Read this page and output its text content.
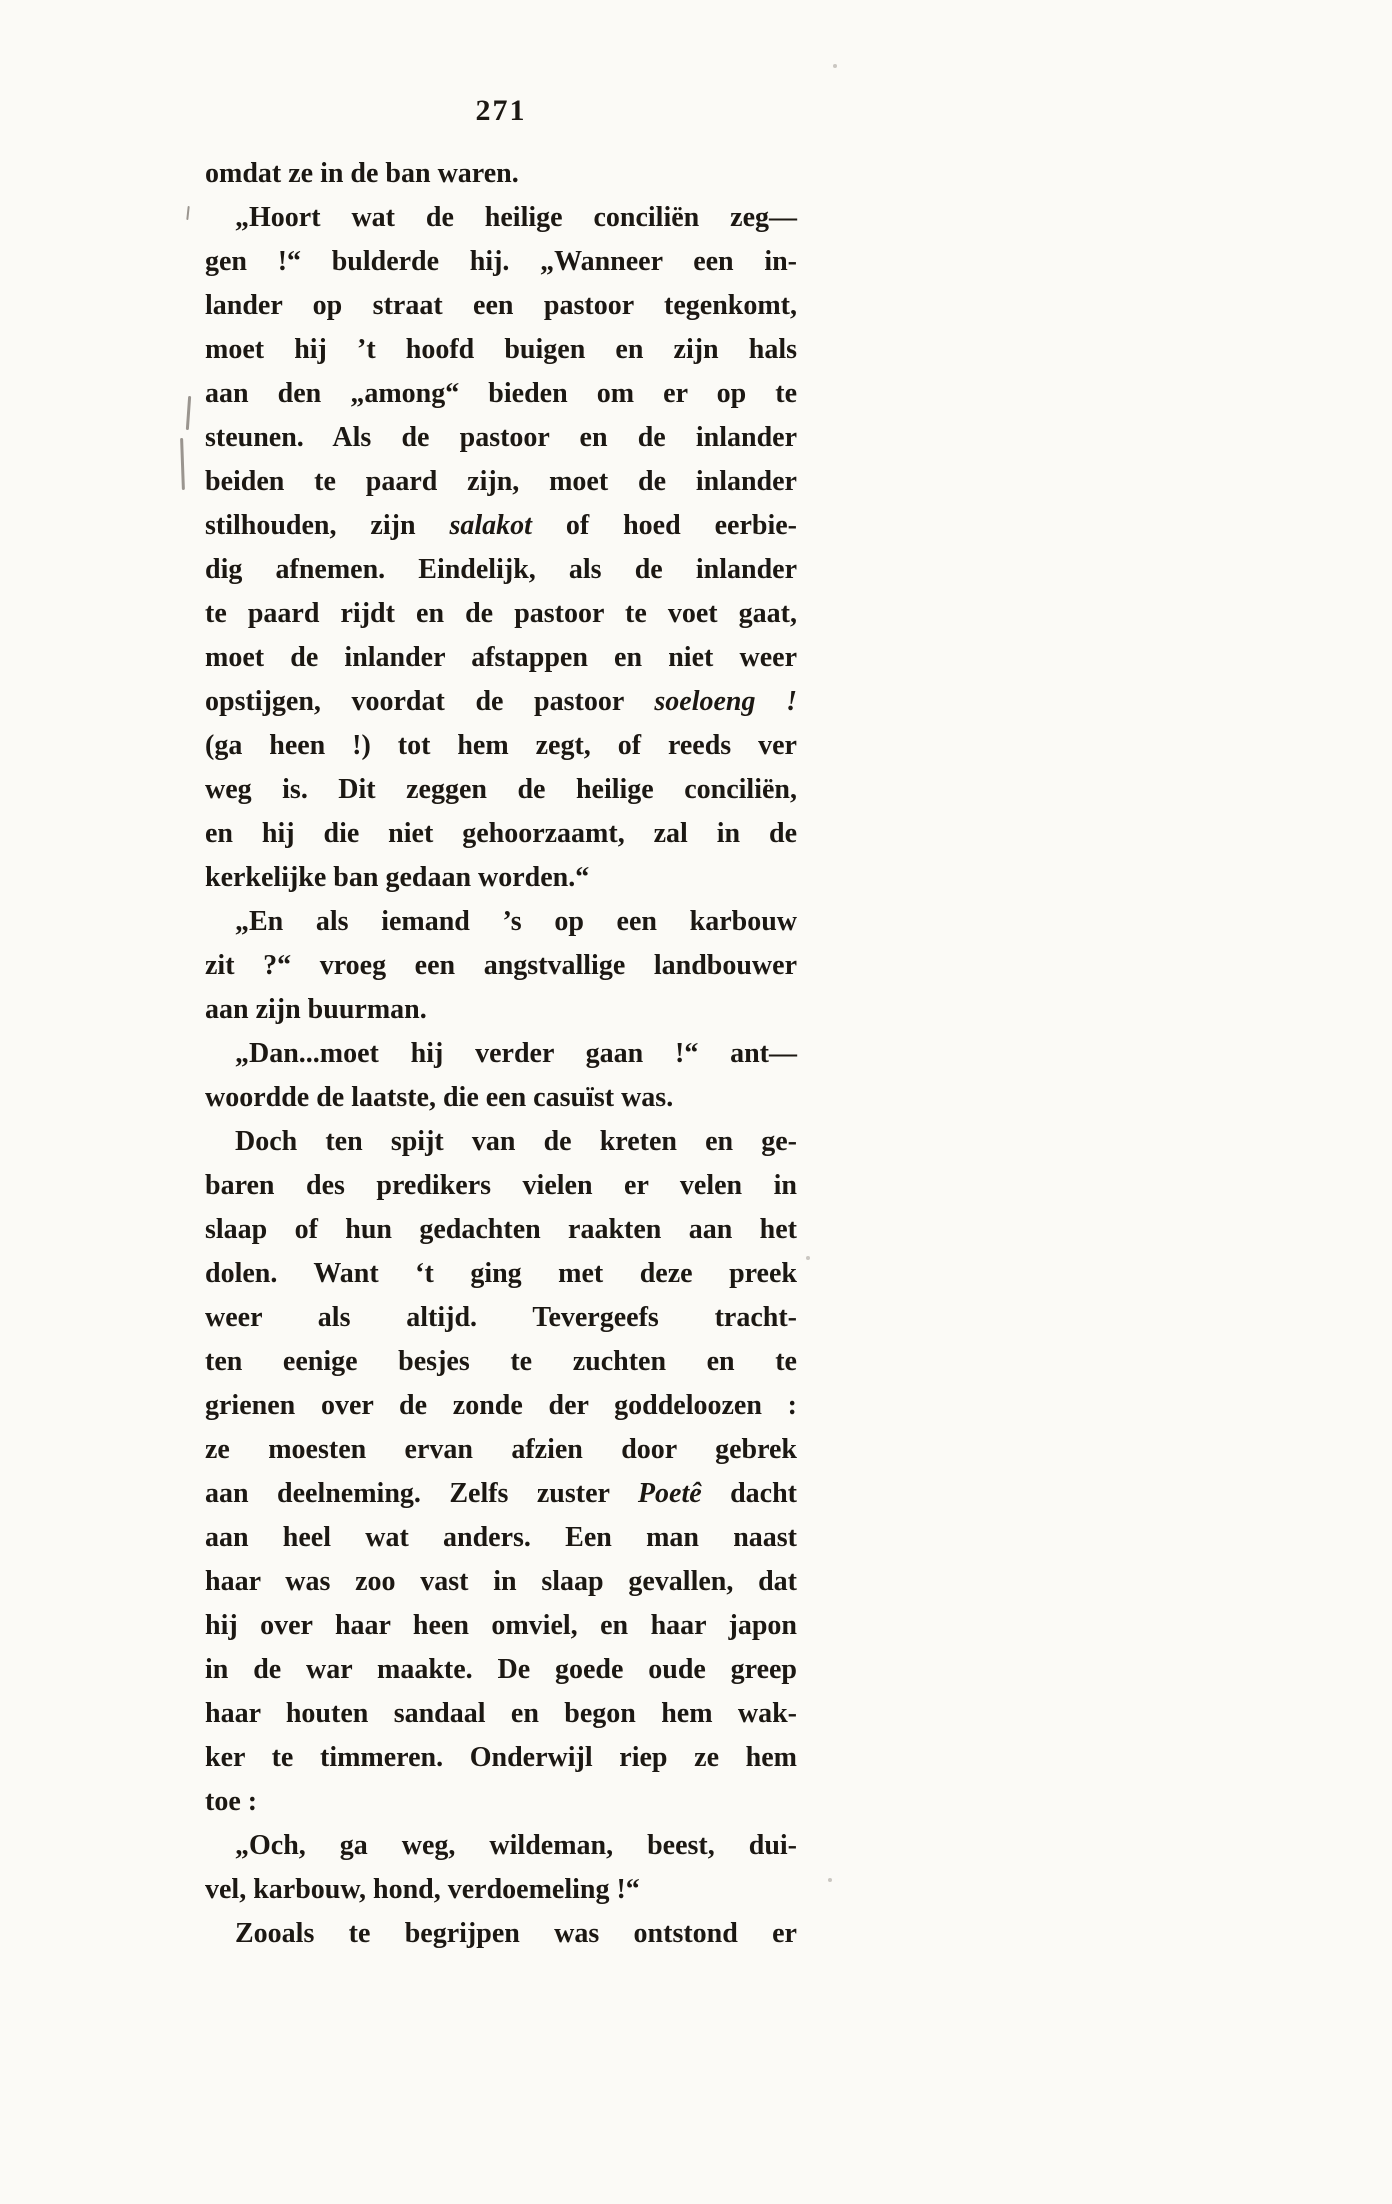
271
omdat ze in de ban waren.
„Hoort wat de heilige conciliën zeg—
gen !“ bulderde hij. „Wanneer een in-
lander op straat een pastoor tegenkomt,
moet hij ’t hoofd buigen en zijn hals
aan den „among“ bieden om er op te
steunen. Als de pastoor en de inlander
beiden te paard zijn, moet de inlander
stilhouden, zijn salakot of hoed eerbie-
dig afnemen. Eindelijk, als de inlander
te paard rijdt en de pastoor te voet gaat,
moet de inlander afstappen en niet weer
opstijgen, voordat de pastoor soeloeng !
(ga heen !) tot hem zegt, of reeds ver
weg is. Dit zeggen de heilige conciliën,
en hij die niet gehoorzaamt, zal in de
kerkelijke ban gedaan worden.“
„En als iemand ’s op een karbouw
zit ?“ vroeg een angstvallige landbouwer
aan zijn buurman.
„Dan...moet hij verder gaan !“ ant—
woordde de laatste, die een casuïst was.
Doch ten spijt van de kreten en ge-
baren des predikers vielen er velen in
slaap of hun gedachten raakten aan het
dolen. Want ‘t ging met deze preek
weer als altijd. Tevergeefs tracht-
ten eenige besjes te zuchten en te
grienen over de zonde der goddeloozen :
ze moesten ervan afzien door gebrek
aan deelneming. Zelfs zuster Poetê dacht
aan heel wat anders. Een man naast
haar was zoo vast in slaap gevallen, dat
hij over haar heen omviel, en haar japon
in de war maakte. De goede oude greep
haar houten sandaal en begon hem wak-
ker te timmeren. Onderwijl riep ze hem
toe :
„Och, ga weg, wildeman, beest, dui-
vel, karbouw, hond, verdoemeling !“
Zooals te begrijpen was ontstond er
